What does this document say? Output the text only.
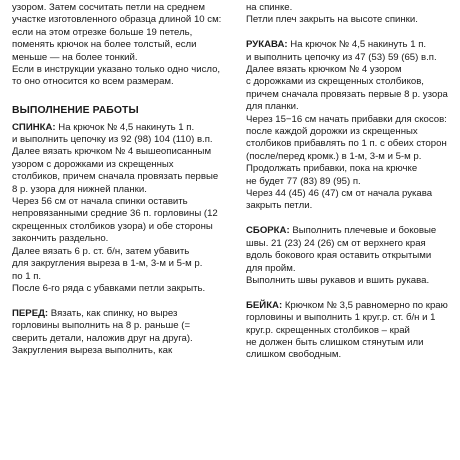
узором. Затем сосчитать петли на среднем
участке изготовленного образца длиной 10 см:
если на этом отрезке больше 19 петель,
поменять крючок на более толстый, если
меньше — на более тонкий.
Если в инструкции указано только одно число,
то оно относится ко всем размерам.
ВЫПОЛНЕНИЕ РАБОТЫ
СПИНКА: На крючок № 4,5 накинуть 1 п.
и выполнить цепочку из 92 (98) 104 (110) в.п.
Далее вязать крючком № 4 вышеописанным
узором с дорожками из скрещенных
столбиков, причем сначала провязать первые
8 р. узора для нижней планки.
Через 56 см от начала спинки оставить
непровязанными средние 36 п. горловины (12
скрещенных столбиков узора) и обе стороны
закончить раздельно.
Далее вязать 6 р. ст. б/н, затем убавить
для закругления выреза в 1-м, 3-м и 5-м р.
по 1 п.
После 6-го ряда с убавками петли закрыть.
ПЕРЕД: Вязать, как спинку, но вырез
горловины выполнить на 8 р. раньше (=
сверить детали, наложив друг на друга).
Закругления выреза выполнить, как
на спинке.
Петли плеч закрыть на высоте спинки.
РУКАВА: На крючок № 4,5 накинуть 1 п.
и выполнить цепочку из 47 (53) 59 (65) в.п.
Далее вязать крючком № 4 узором
с дорожками из скрещенных столбиков,
причем сначала провязать первые 8 р. узора
для планки.
Через 15−16 см начать прибавки для скосов:
после каждой дорожки из скрещенных
столбиков прибавлять по 1 п. с обеих сторон
(после/перед кромк.) в 1-м, 3-м и 5-м р.
Продолжать прибавки, пока на крючке
не будет 77 (83) 89 (95) п.
Через 44 (45) 46 (47) см от начала рукава
закрыть петли.
СБОРКА: Выполнить плечевые и боковые
швы. 21 (23) 24 (26) см от верхнего края
вдоль бокового края оставить открытыми
для пройм.
Выполнить швы рукавов и вшить рукава.
БЕЙКА: Крючком № 3,5 равномерно по краю
горловины и выполнить 1 круг.р. ст. б/н и 1
круг.р. скрещенных столбиков – край
не должен быть слишком стянутым или
слишком свободным.
